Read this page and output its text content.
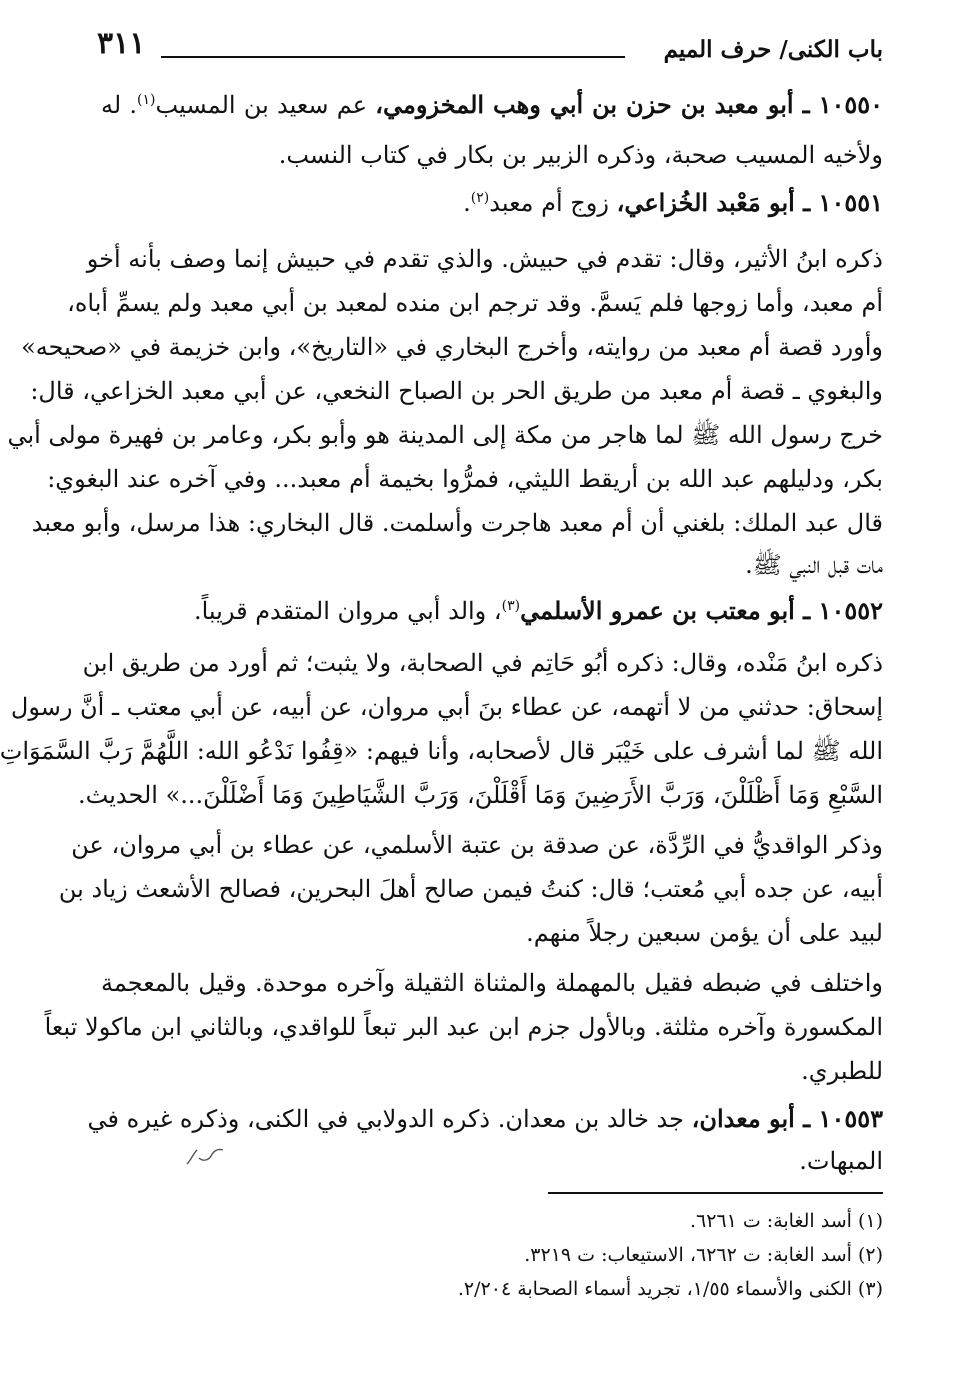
باب الكنى/ حرف الميم
٣١١
١٠٥٥٠ ـ أبو معبد بن حزن بن أبي وهب المخزومي، عم سعيد بن المسيب$^{(١)}$. له
ولأخيه المسيب صحبة، وذكره الزبير بن بكار في كتاب النسب.
١٠٥٥١ ـ أبو مَعْبد الخُزاعي، زوج أم معبد$^{(٢)}$.
ذكره ابنُ الأثير، وقال: تقدم في حبيش. والذي تقدم في حبيش إنما وصف بأنه أخو
أم معبد، وأما زوجها فلم يَسمَّ. وقد ترجم ابن منده لمعبد بن أبي معبد ولم يسمِّ أباه،
وأورد قصة أم معبد من روايته، وأخرج البخاري في «التاريخ»، وابن خزيمة في «صحيحه»
والبغوي ـ قصة أم معبد من طريق الحر بن الصباح النخعي، عن أبي معبد الخزاعي، قال:
خرج رسول الله ﷺ لما هاجر من مكة إلى المدينة هو وأبو بكر، وعامر بن فهيرة مولى أبي
بكر، ودليلهم عبد الله بن أريقط الليثي، فمرُّوا بخيمة أم معبد... وفي آخره عند البغوي:
قال عبد الملك: بلغني أن أم معبد هاجرت وأسلمت. قال البخاري: هذا مرسل، وأبو معبد
مات قبل النبي ﷺ.
١٠٥٥٢ ـ أبو معتب بن عمرو الأسلمي$^{(٣)}$، والد أبي مروان المتقدم قريباً.
ذكره ابنُ مَنْده، وقال: ذكره أبُو حَاتِم في الصحابة، ولا يثبت؛ ثم أورد من طريق ابن
إسحاق: حدثني من لا أتهمه، عن عطاء بنَ أبي مروان، عن أبيه، عن أبي معتب ـ أنَّ رسول
الله ﷺ لما أشرف على خَيْبَر قال لأصحابه، وأنا فيهم: «قِفُوا نَدْعُو الله: اللَّهُمَّ رَبَّ السَّمَوَاتِ
السَّبْعِ وَمَا أَظْلَلْنَ، وَرَبَّ الأَرَضِينَ وَمَا أَقْلَلْنَ، وَرَبَّ الشَّيَاطِينَ وَمَا أَضْلَلْنَ...» الحديث.
وذكر الواقديُّ في الرِّدَّة، عن صدقة بن عتبة الأسلمي، عن عطاء بن أبي مروان، عن
أبيه، عن جده أبي مُعتب؛ قال: كنتُ فيمن صالح أهلَ البحرين، فصالح الأشعث زياد بن
لبيد على أن يؤمن سبعين رجلاً منهم.
واختلف في ضبطه فقيل بالمهملة والمثناة الثقيلة وآخره موحدة. وقيل بالمعجمة
المكسورة وآخره مثلثة. وبالأول جزم ابن عبد البر تبعاً للواقدي، وبالثاني ابن ماكولا تبعاً
للطبري.
١٠٥٥٣ ـ أبو معدان، جد خالد بن معدان. ذكره الدولابي في الكنى، وذكره غيره في
المبهات.
(١) أسد الغابة: ت ٦٢٦١.
(٢) أسد الغابة: ت ٦٢٦٢، الاستيعاب: ت ٣٢١٩.
(٣) الكنى والأسماء ١/٥٥، تجريد أسماء الصحابة ٢/٢٠٤.
